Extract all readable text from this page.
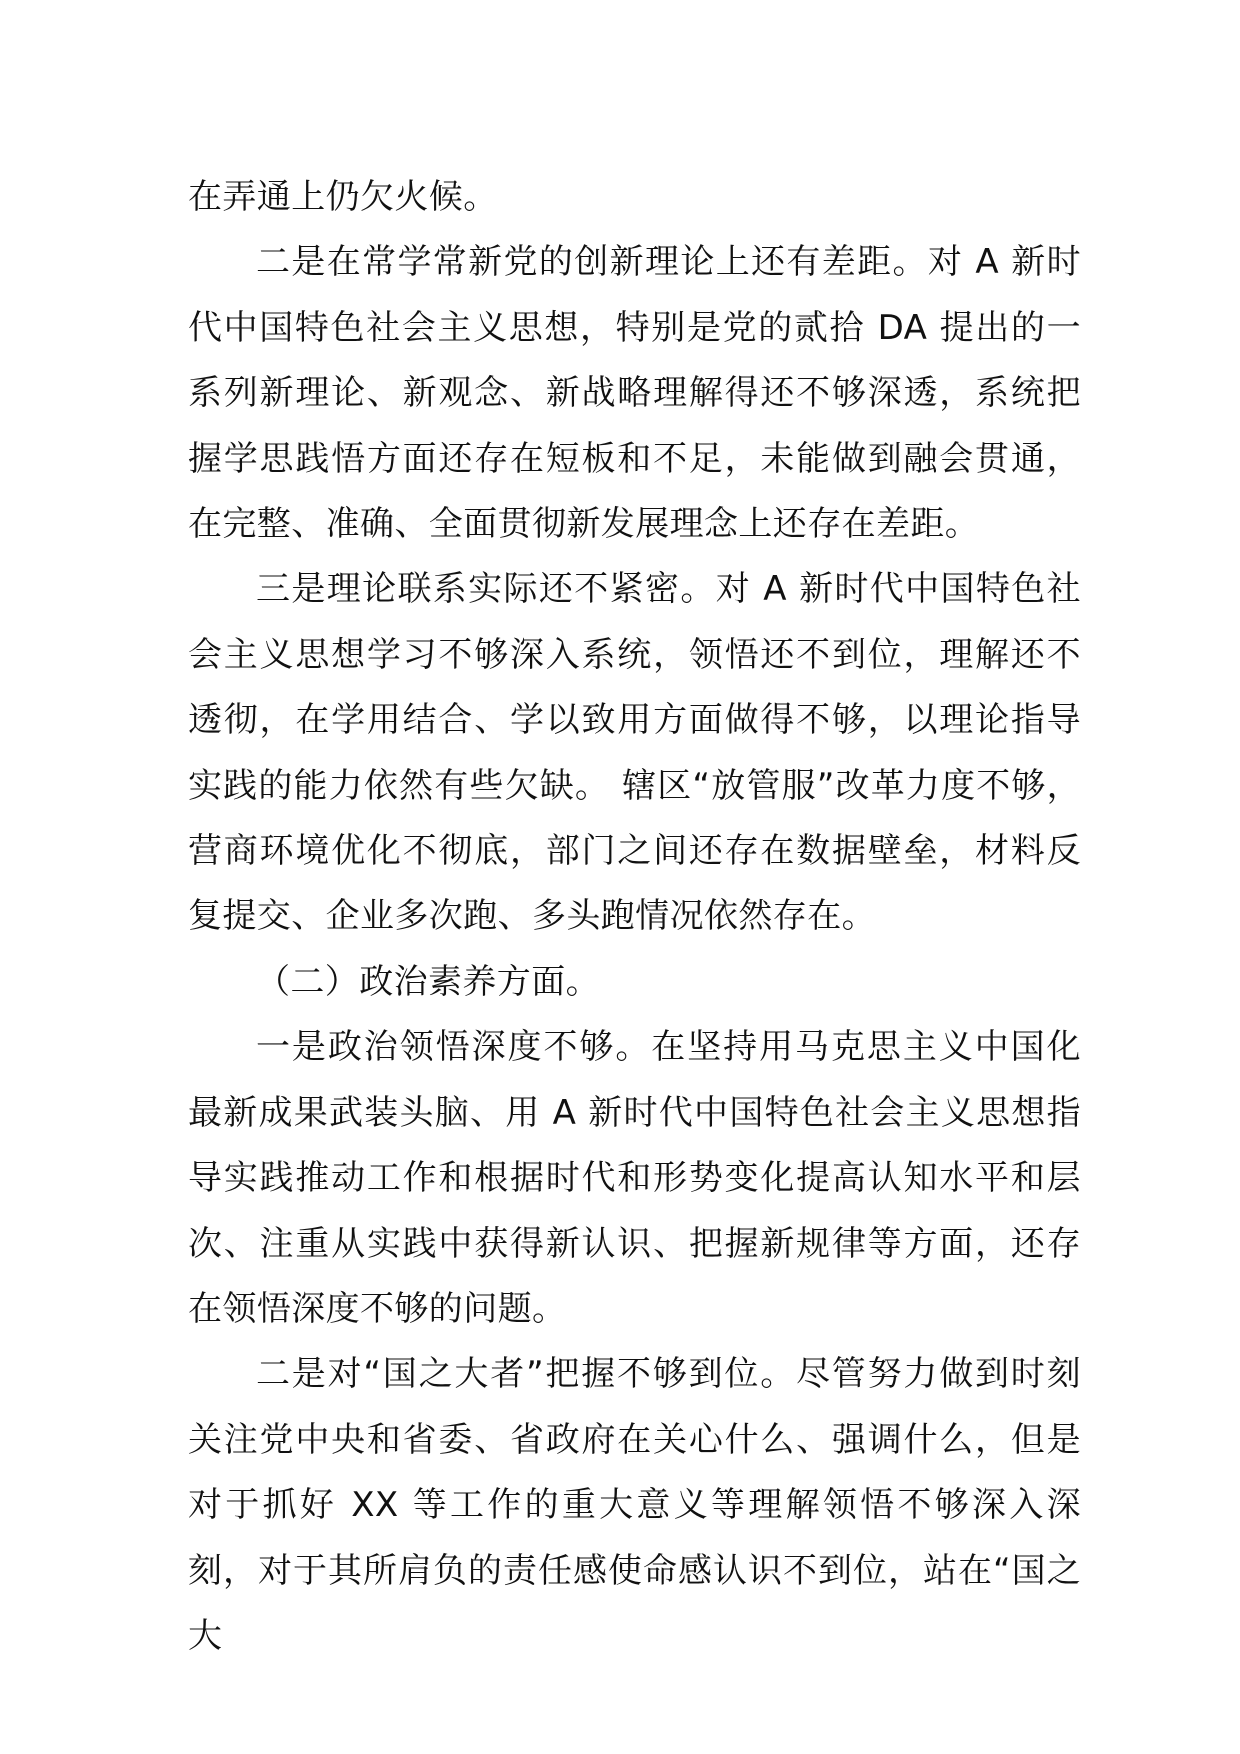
在弄通上仍欠火候。

二是在常学常新党的创新理论上还有差距。对 A 新时代中国特色社会主义思想，特别是党的贰拾 DA 提出的一系列新理论、新观念、新战略理解得还不够深透，系统把握学思践悟方面还存在短板和不足，未能做到融会贯通，在完整、准确、全面贯彻新发展理念上还存在差距。

三是理论联系实际还不紧密。对 A 新时代中国特色社会主义思想学习不够深入系统，领悟还不到位，理解还不透彻，在学用结合、学以致用方面做得不够，以理论指导实践的能力依然有些欠缺。 辖区“放管服”改革力度不够，营商环境优化不彻底，部门之间还存在数据壁垒，材料反复提交、企业多次跑、多头跑情况依然存在。

（二）政治素养方面。

一是政治领悟深度不够。在坚持用马克思主义中国化最新成果武装头脑、用 A 新时代中国特色社会主义思想指导实践推动工作和根据时代和形势变化提高认知水平和层次、注重从实践中获得新认识、把握新规律等方面，还存在领悟深度不够的问题。

二是对“国之大者”把握不够到位。尽管努力做到时刻关注党中央和省委、省政府在关心什么、强调什么，但是对于抓好 XX 等工作的重大意义等理解领悟不够深入深刻，对于其所肩负的责任感使命感认识不到位，站在“国之大
